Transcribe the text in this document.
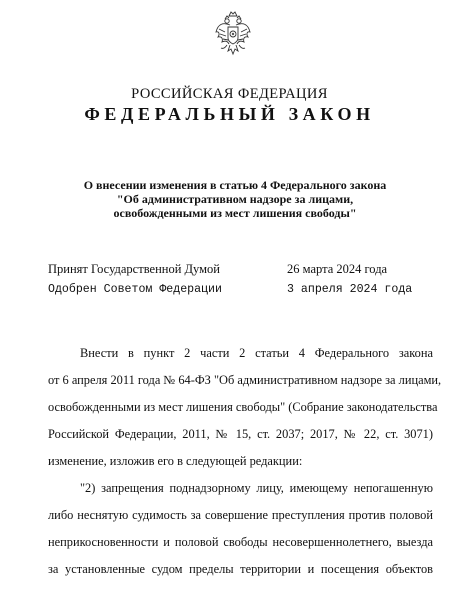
РОССИЙСКАЯ ФЕДЕРАЦИЯ
ФЕДЕРАЛЬНЫЙ ЗАКОН
О внесении изменения в статью 4 Федерального закона
"Об административном надзоре за лицами,
освобожденными из мест лишения свободы"
Принят Государственной Думой	26 марта 2024 года
Одобрен Советом Федерации	3 апреля 2024 года
Внести в пункт 2 части 2 статьи 4 Федерального закона
от 6 апреля 2011 года № 64-ФЗ "Об административном надзоре за лицами,
освобожденными из мест лишения свободы" (Собрание законодательства
Российской Федерации, 2011, № 15, ст. 2037; 2017, № 22, ст. 3071)
изменение, изложив его в следующей редакции:
"2) запрещения поднадзорному лицу, имеющему непогашенную
либо неснятую судимость за совершение преступления против половой
неприкосновенности и половой свободы несовершеннолетнего, выезда
за установленные судом пределы территории и посещения объектов
